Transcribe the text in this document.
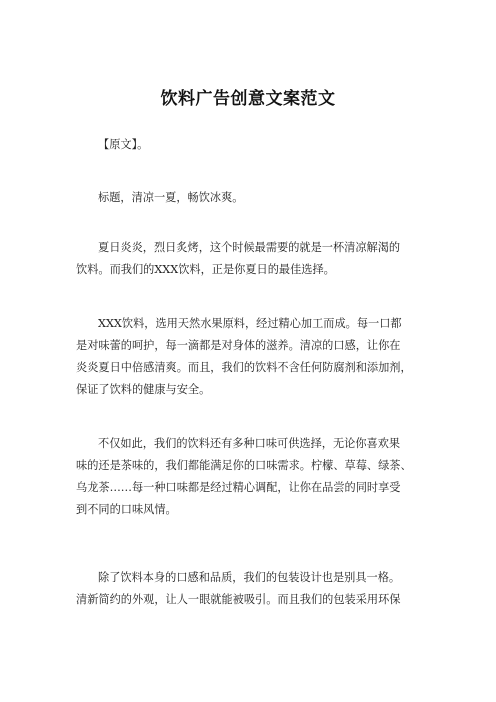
饮料广告创意文案范文
【原文】。
标题，清凉一夏，畅饮冰爽。
夏日炎炎，烈日炙烤，这个时候最需要的就是一杯清凉解渴的
饮料。而我们的XXX饮料，正是你夏日的最佳选择。
XXX饮料，选用天然水果原料，经过精心加工而成。每一口都
是对味蕾的呵护，每一滴都是对身体的滋养。清凉的口感，让你在
炎炎夏日中倍感清爽。而且，我们的饮料不含任何防腐剂和添加剂，
保证了饮料的健康与安全。
不仅如此，我们的饮料还有多种口味可供选择，无论你喜欢果
味的还是茶味的，我们都能满足你的口味需求。柠檬、草莓、绿茶、
乌龙茶……每一种口味都是经过精心调配，让你在品尝的同时享受
到不同的口味风情。
除了饮料本身的口感和品质，我们的包装设计也是别具一格。
清新简约的外观，让人一眼就能被吸引。而且我们的包装采用环保
